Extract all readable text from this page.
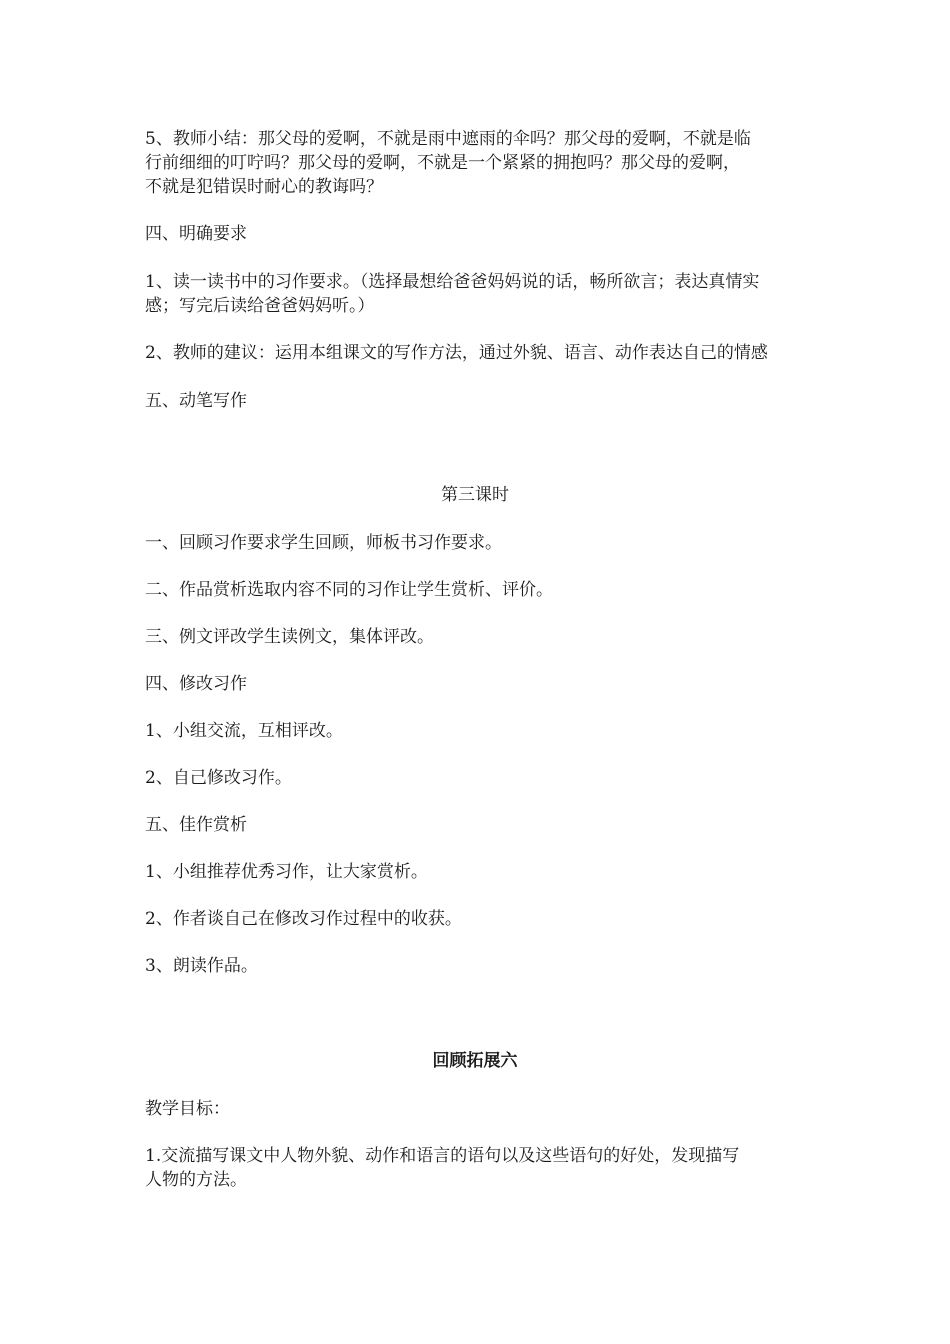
5、教师小结：那父母的爱啊，不就是雨中遮雨的伞吗？那父母的爱啊，不就是临
行前细细的叮咛吗？那父母的爱啊，不就是一个紧紧的拥抱吗？那父母的爱啊，
不就是犯错误时耐心的教诲吗？
四、明确要求
1、读一读书中的习作要求。（选择最想给爸爸妈妈说的话，畅所欲言；表达真情实
感；写完后读给爸爸妈妈听。）
2、教师的建议：运用本组课文的写作方法，通过外貌、语言、动作表达自己的情感
五、动笔写作
第三课时
一、回顾习作要求学生回顾，师板书习作要求。
二、作品赏析选取内容不同的习作让学生赏析、评价。
三、例文评改学生读例文，集体评改。
四、修改习作
1、小组交流，互相评改。
2、自己修改习作。
五、佳作赏析
1、小组推荐优秀习作，让大家赏析。
2、作者谈自己在修改习作过程中的收获。
3、朗读作品。
回顾拓展六
教学目标：
1.交流描写课文中人物外貌、动作和语言的语句以及这些语句的好处，发现描写
人物的方法。
